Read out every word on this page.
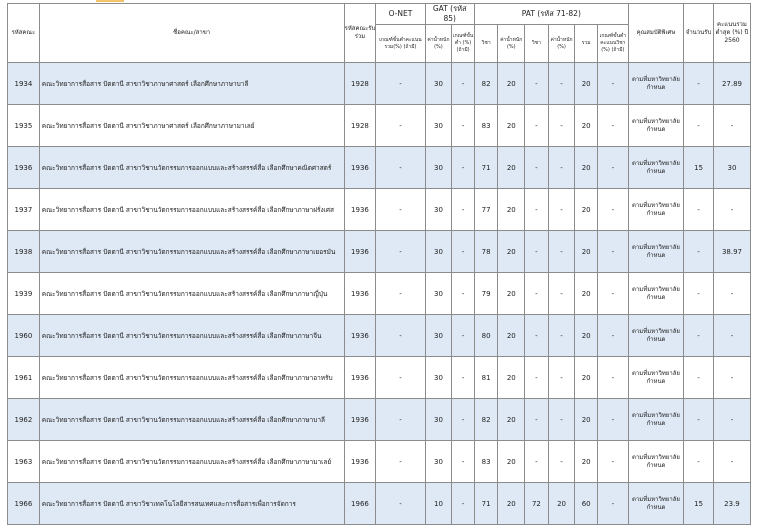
รหัสคณะ	ชื่อคณะ/สาขา	รหัสคณะรับร่วม	O-NET	GAT (รหัส 85)		PAT (รหัส 71-82)						คุณสมบัติพิเศษ	จำนวนรับ	คะแนนรวมต่ำสุด (%) ปี 2560
			เกณฑ์ขั้นต่ำคะแนนรวม(%) (ถ้ามี)	ค่าน้ำหนัก (%)	เกณฑ์ขั้นต่ำ (%) (ถ้ามี)	วิชา	ค่าน้ำหนัก (%)	วิชา	ค่าน้ำหนัก (%)	รวม	เกณฑ์ขั้นต่ำคะแนนวิชา (%) (ถ้ามี)			
1934	คณะวิทยาการสื่อสาร ปัตตานี สาขาวิชาภาษาศาสตร์ เลือกศึกษาภาษาบาลี	1928	-	30	-	82	20	-	-	20	-	ตามที่มหาวิทยาลัยกำหนด	-	27.89
1935	คณะวิทยาการสื่อสาร ปัตตานี สาขาวิชาภาษาศาสตร์ เลือกศึกษาภาษามาเลย์	1928	-	30	-	83	20	-	-	20	-	ตามที่มหาวิทยาลัยกำหนด	-	-
1936	คณะวิทยาการสื่อสาร ปัตตานี สาขาวิชานวัตกรรมการออกแบบและสร้างสรรค์สื่อ เลือกศึกษาคณิตศาสตร์	1936	-	30	-	71	20	-	-	20	-	ตามที่มหาวิทยาลัยกำหนด	15	30
1937	คณะวิทยาการสื่อสาร ปัตตานี สาขาวิชานวัตกรรมการออกแบบและสร้างสรรค์สื่อ เลือกศึกษาภาษาฝรั่งเศส	1936	-	30	-	77	20	-	-	20	-	ตามที่มหาวิทยาลัยกำหนด	-	-
1938	คณะวิทยาการสื่อสาร ปัตตานี สาขาวิชานวัตกรรมการออกแบบและสร้างสรรค์สื่อ เลือกศึกษาภาษาเยอรมัน	1936	-	30	-	78	20	-	-	20	-	ตามที่มหาวิทยาลัยกำหนด	-	38.97
1939	คณะวิทยาการสื่อสาร ปัตตานี สาขาวิชานวัตกรรมการออกแบบและสร้างสรรค์สื่อ เลือกศึกษาภาษาญี่ปุ่น	1936	-	30	-	79	20	-	-	20	-	ตามที่มหาวิทยาลัยกำหนด	-	-
1960	คณะวิทยาการสื่อสาร ปัตตานี สาขาวิชานวัตกรรมการออกแบบและสร้างสรรค์สื่อ เลือกศึกษาภาษาจีน	1936	-	30	-	80	20	-	-	20	-	ตามที่มหาวิทยาลัยกำหนด	-	-
1961	คณะวิทยาการสื่อสาร ปัตตานี สาขาวิชานวัตกรรมการออกแบบและสร้างสรรค์สื่อ เลือกศึกษาภาษาอาหรับ	1936	-	30	-	81	20	-	-	20	-	ตามที่มหาวิทยาลัยกำหนด	-	-
1962	คณะวิทยาการสื่อสาร ปัตตานี สาขาวิชานวัตกรรมการออกแบบและสร้างสรรค์สื่อ เลือกศึกษาภาษาบาลี	1936	-	30	-	82	20	-	-	20	-	ตามที่มหาวิทยาลัยกำหนด	-	-
1963	คณะวิทยาการสื่อสาร ปัตตานี สาขาวิชานวัตกรรมการออกแบบและสร้างสรรค์สื่อ เลือกศึกษาภาษามาเลย์	1936	-	30	-	83	20	-	-	20	-	ตามที่มหาวิทยาลัยกำหนด	-	-
1966	คณะวิทยาการสื่อสาร ปัตตานี สาขาวิชาเทคโนโลยีสารสนเทศและการสื่อสารเพื่อการจัดการ	1966	-	10	-	71	20	72	20	60	-	ตามที่มหาวิทยาลัยกำหนด	15	23.9
